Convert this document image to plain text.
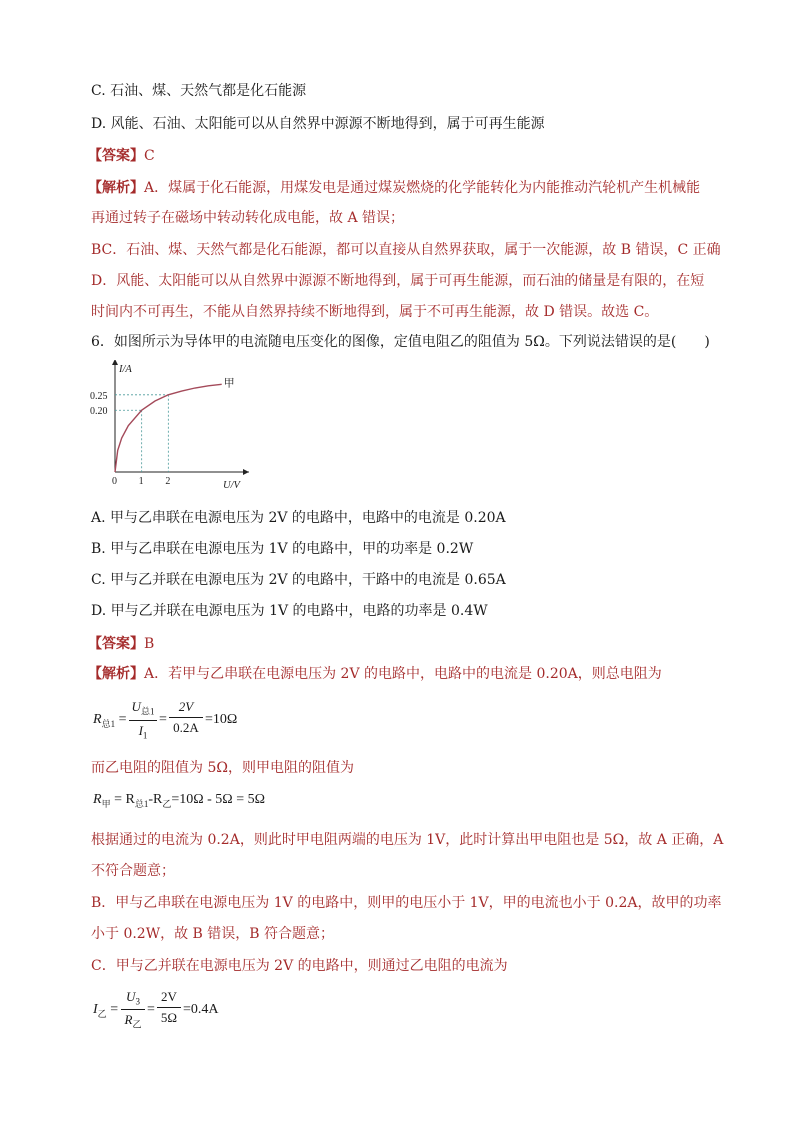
C. 石油、煤、天然气都是化石能源
D. 风能、石油、太阳能可以从自然界中源源不断地得到，属于可再生能源
【答案】C
【解析】A．煤属于化石能源，用煤发电是通过煤炭燃烧的化学能转化为内能推动汽轮机产生机械能
再通过转子在磁场中转动转化成电能，故 A 错误；
BC．石油、煤、天然气都是化石能源，都可以直接从自然界获取，属于一次能源，故 B 错误，C 正确
D．风能、太阳能可以从自然界中源源不断地得到，属于可再生能源，而石油的储量是有限的，在短
时间内不可再生，不能从自然界持续不断地得到，属于不可再生能源，故 D 错误。故选 C。
6．如图所示为导体甲的电流随电压变化的图像，定值电阻乙的阻值为 5Ω。下列说法错误的是(　　)
甲
0 1 2
0.20
0.25
I/A
U/V
A. 甲与乙串联在电源电压为 2V 的电路中，电路中的电流是 0.20A
B. 甲与乙串联在电源电压为 1V 的电路中，甲的功率是 0.2W
C. 甲与乙并联在电源电压为 2V 的电路中，干路中的电流是 0.65A
D. 甲与乙并联在电源电压为 1V 的电路中，电路的功率是 0.4W
【答案】B
【解析】A．若甲与乙串联在电源电压为 2V 的电路中，电路中的电流是 0.20A，则总电阻为
$R_{总1}$ =
$U_{总1}$
$I_1$
=
2V
0.2A
=10Ω
而乙电阻的阻值为 5Ω，则甲电阻的阻值为
$R_甲 = R_{总1}-R_乙=10\Omega - 5\Omega = 5\Omega$
根据通过的电流为 0.2A，则此时甲电阻两端的电压为 1V，此时计算出甲电阻也是 5Ω，故 A 正确，A
不符合题意；
B．甲与乙串联在电源电压为 1V 的电路中，则甲的电压小于 1V，甲的电流也小于 0.2A，故甲的功率
小于 0.2W，故 B 错误，B 符合题意；
C．甲与乙并联在电源电压为 2V 的电路中，则通过乙电阻的电流为
$I_乙$ =
$U_3$
$R_乙$
=
2V
5Ω
=0.4A
